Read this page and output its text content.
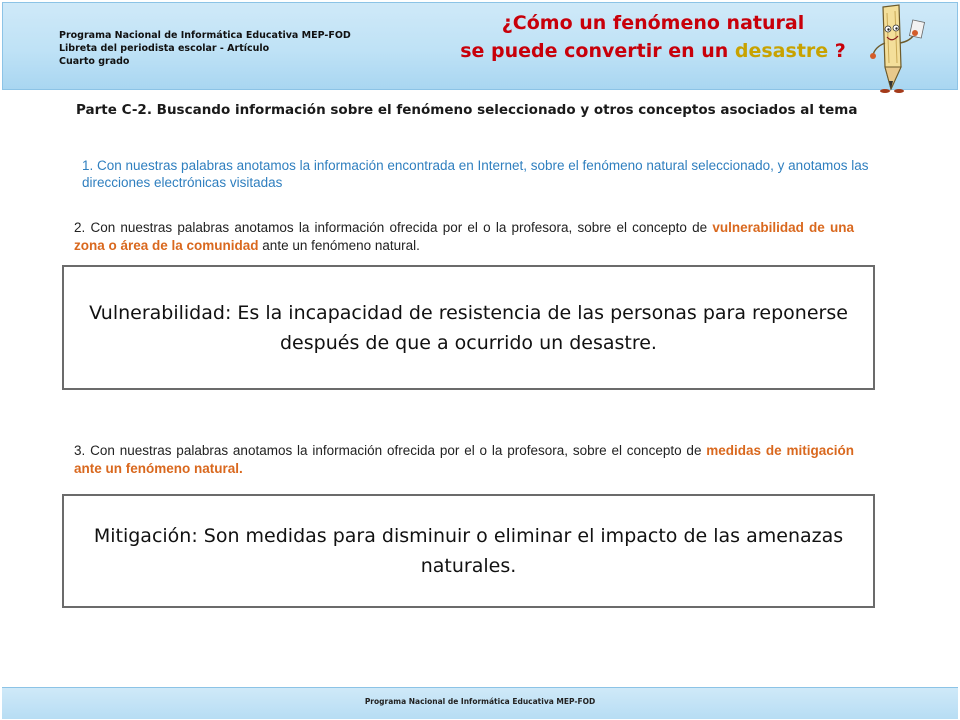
Programa Nacional de Informática Educativa MEP-FOD
Libreta del periodista escolar - Artículo
Cuarto grado
¿Cómo un fenómeno natural
se puede convertir en un desastre ?
Parte C-2. Buscando información sobre el fenómeno seleccionado y otros conceptos asociados al tema
1. Con nuestras palabras anotamos la información encontrada en Internet, sobre el fenómeno natural seleccionado, y anotamos las direcciones electrónicas visitadas
2. Con nuestras palabras anotamos la información ofrecida por el o la profesora, sobre el concepto de vulnerabilidad de una zona o área de la comunidad ante un fenómeno natural.
Vulnerabilidad: Es la incapacidad de resistencia de las personas para reponerse después de que a ocurrido un desastre.
3. Con nuestras palabras anotamos la información ofrecida por el o la profesora, sobre el concepto de medidas de mitigación ante un fenómeno natural.
Mitigación: Son medidas para disminuir o eliminar el impacto de las amenazas naturales.
Programa Nacional de Informática Educativa MEP-FOD
